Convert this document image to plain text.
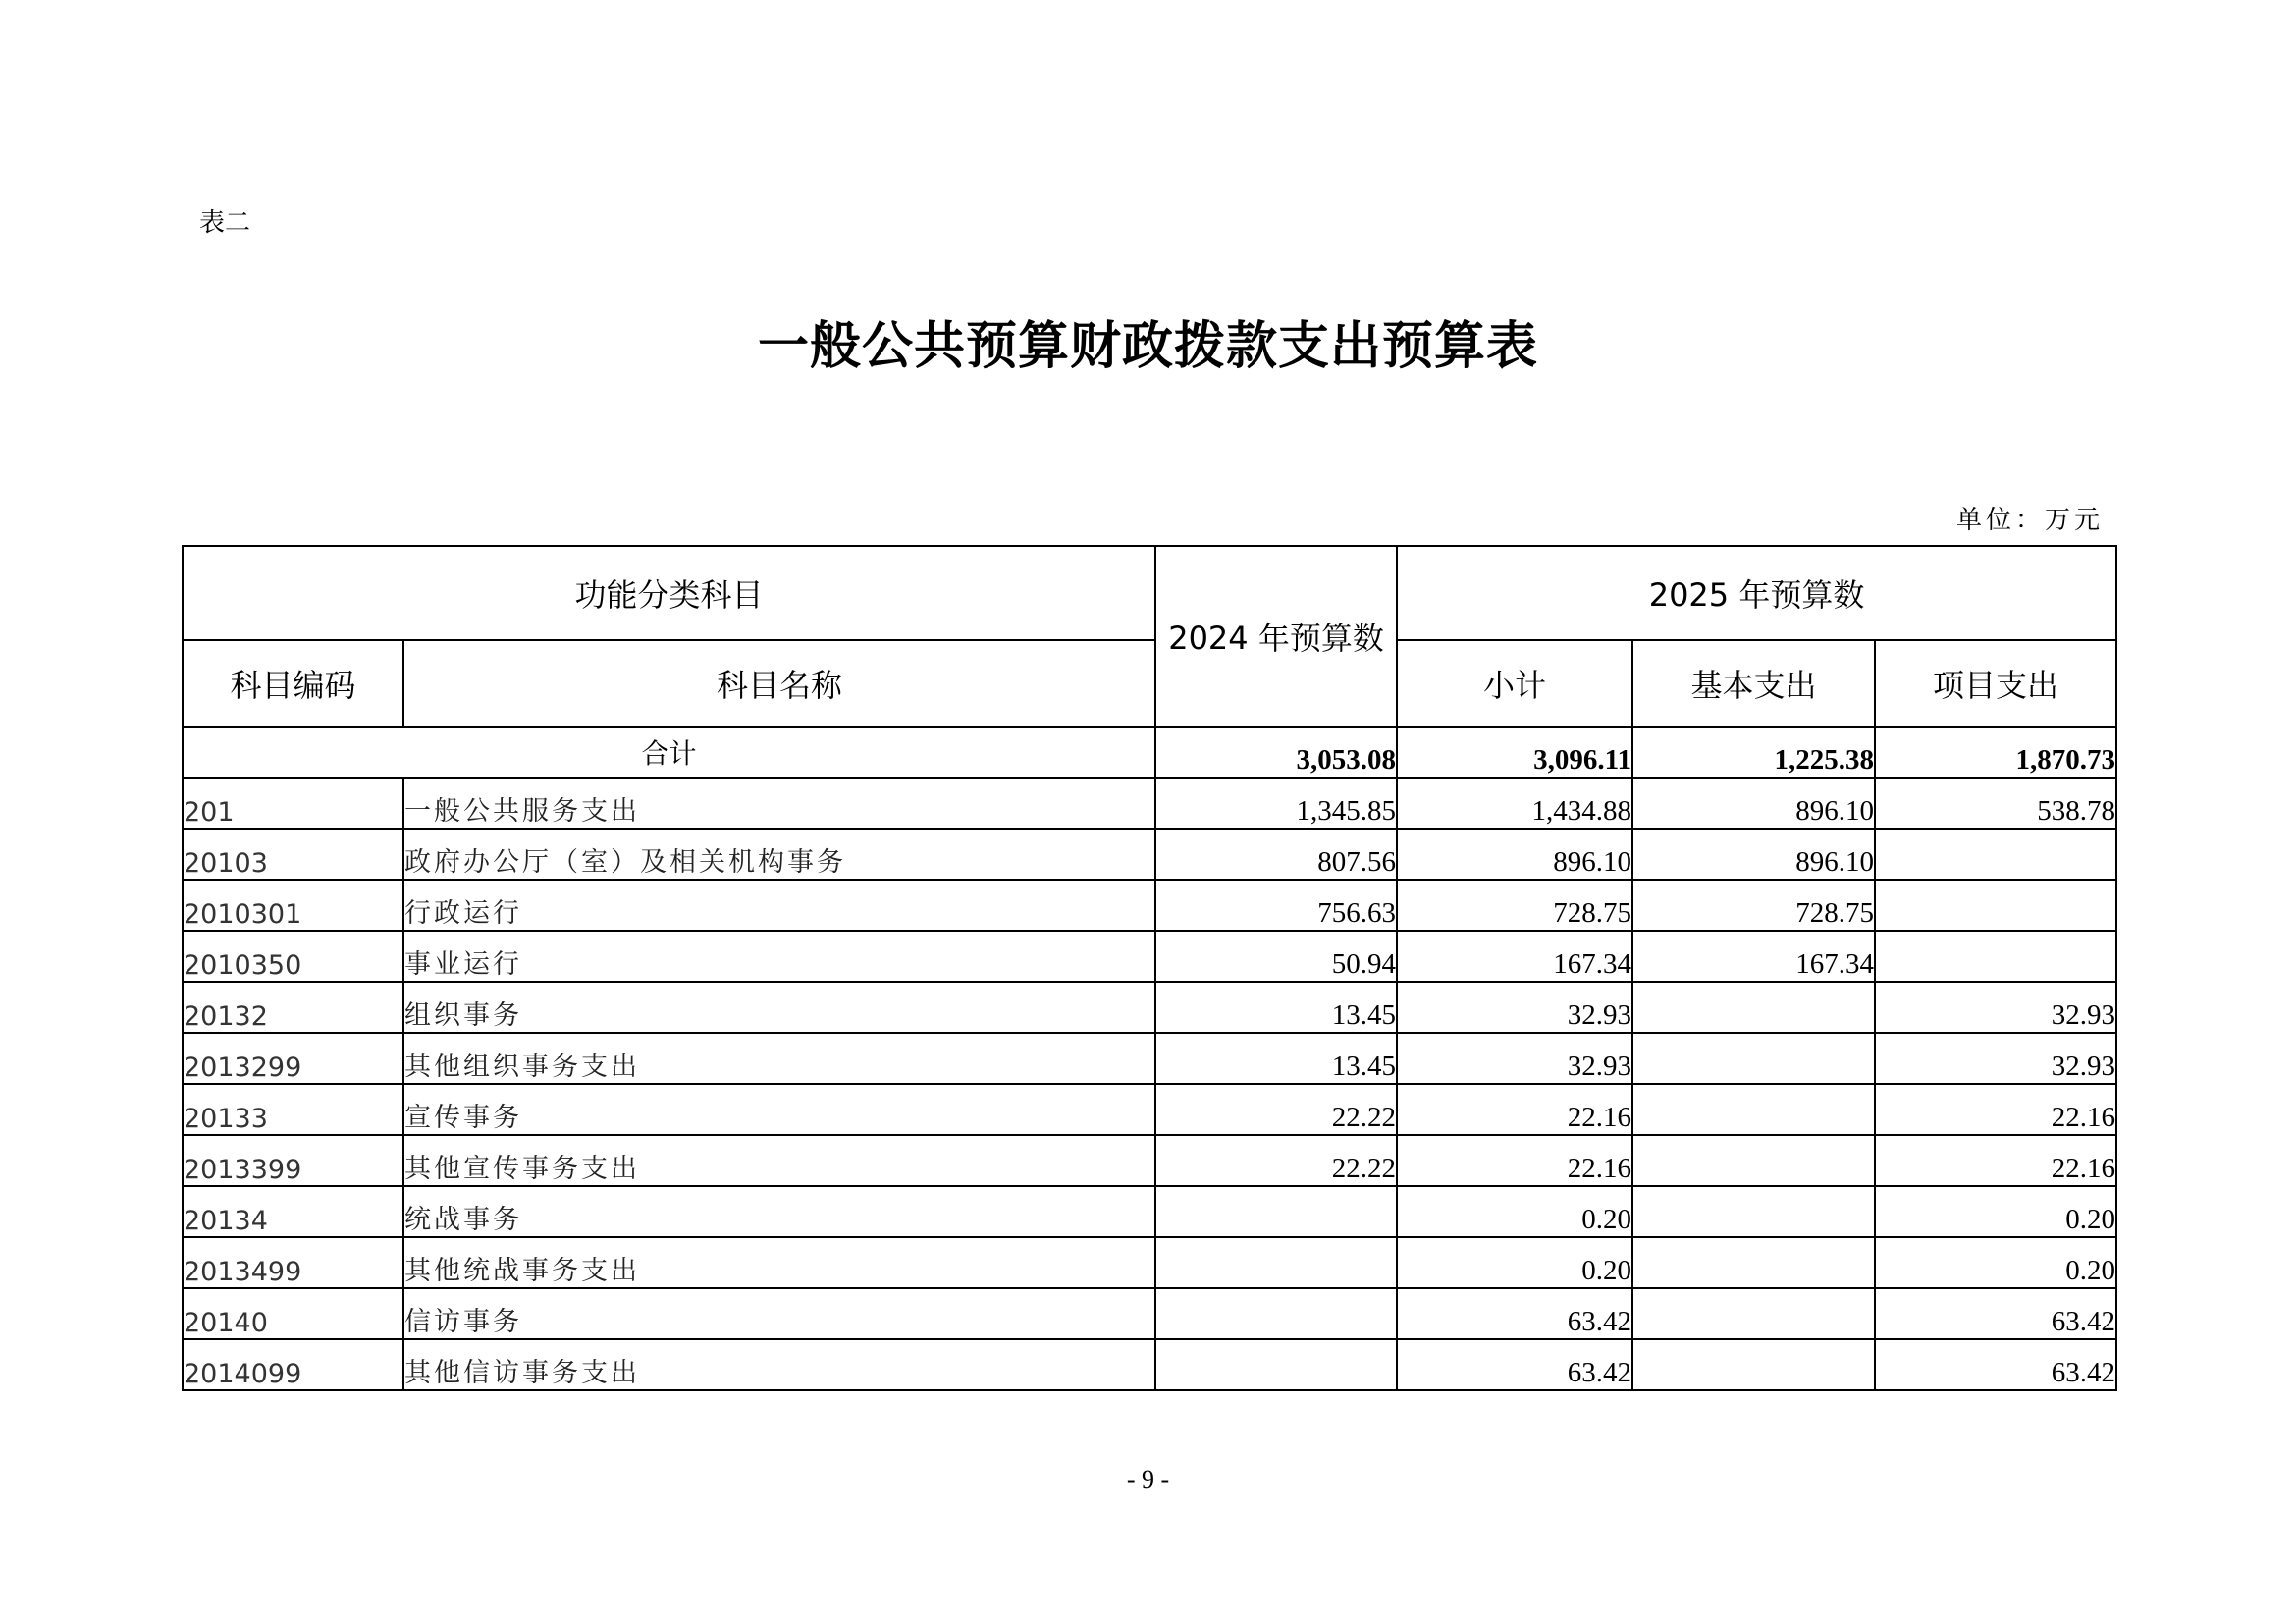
表二
一般公共预算财政拨款支出预算表
单位：万元
功能分类科目		2024 年预算数	2025 年预算数		
科目编码	科目名称		小计	基本支出	项目支出
合计		3,053.08	3,096.11	1,225.38	1,870.73
201	一般公共服务支出	1,345.85	1,434.88	896.10	538.78
20103	政府办公厅（室）及相关机构事务	807.56	896.10	896.10	
2010301	行政运行	756.63	728.75	728.75	
2010350	事业运行	50.94	167.34	167.34	
20132	组织事务	13.45	32.93		32.93
2013299	其他组织事务支出	13.45	32.93		32.93
20133	宣传事务	22.22	22.16		22.16
2013399	其他宣传事务支出	22.22	22.16		22.16
20134	统战事务		0.20		0.20
2013499	其他统战事务支出		0.20		0.20
20140	信访事务		63.42		63.42
2014099	其他信访事务支出		63.42		63.42
- 9 -
